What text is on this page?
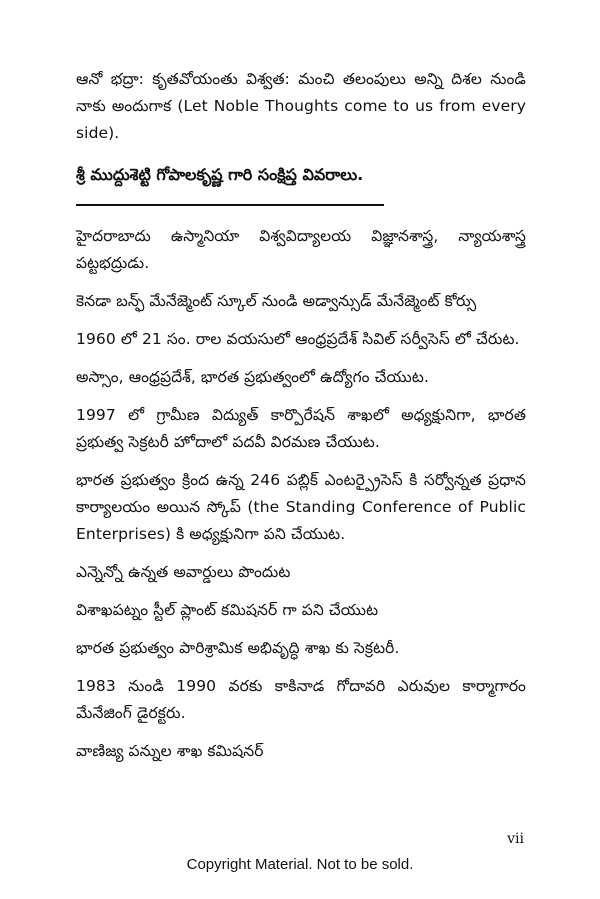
ఆనో భద్రా: కృతవోయంతు విశ్వత: మంచి తలంపులు అన్ని దిశల నుండి నాకు అందుగాక (Let Noble Thoughts come to us from every side).

శ్రీ ముద్దుశెట్టి గోపాలకృష్ణ గారి సంక్షిప్త వివరాలు.

హైదరాబాదు ఉస్మానియా విశ్వవిద్యాలయ విజ్ఞానశాస్త్ర, న్యాయశాస్త్ర పట్టభద్రుడు.

కెనడా బన్ఫ్ మేనేజ్మెంట్ స్కూల్ నుండి అడ్వాన్సుడ్ మేనేజ్మెంట్ కోర్సు

1960 లో 21 సం. రాల వయసులో ఆంధ్రప్రదేశ్ సివిల్ సర్వీసెస్ లో చేరుట.

అస్సాం, ఆంధ్రప్రదేశ్, భారత ప్రభుత్వంలో ఉద్యోగం చేయుట.

1997 లో గ్రామీణ విద్యుత్ కార్పొరేషన్ శాఖలో అధ్యక్షునిగా, భారత ప్రభుత్వ సెక్రటరీ హోదాలో పదవీ విరమణ చేయుట.

భారత ప్రభుత్వం క్రింద ఉన్న 246 పబ్లిక్ ఎంటర్ప్రైసెస్ కి సర్వోన్నత ప్రధాన కార్యాలయం అయిన స్కోప్ (the Standing Conference of Public Enterprises) కి అధ్యక్షునిగా పని చేయుట.

ఎన్నెన్నో ఉన్నత అవార్డులు పొందుట

విశాఖపట్నం స్టీల్ ప్లాంట్ కమిషనర్ గా పని చేయుట

భారత ప్రభుత్వం పారిశ్రామిక అభివృద్ధి శాఖ కు సెక్రటరీ.

1983 నుండి 1990 వరకు కాకినాడ గోదావరి ఎరువుల కార్మాగారం మేనేజింగ్ డైరక్టరు.

వాణిజ్య పన్నుల శాఖ కమిషనర్

vii
Copyright Material. Not to be sold.
